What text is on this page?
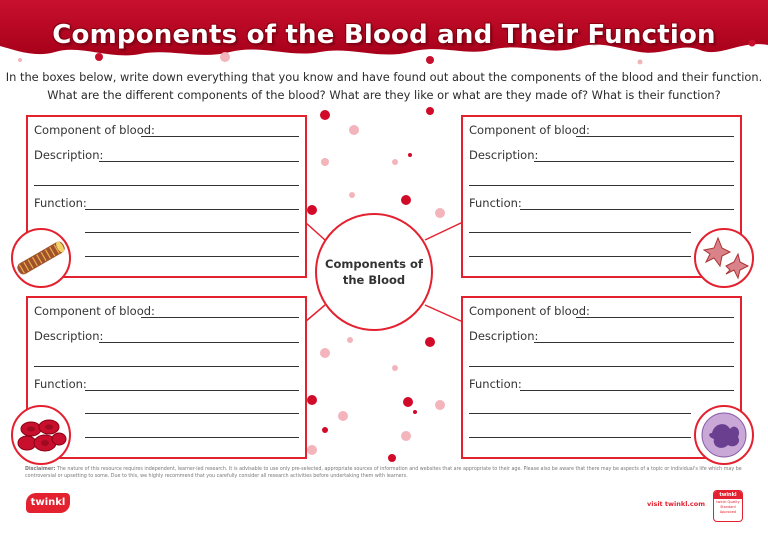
Components of the Blood and Their Function
In the boxes below, write down everything that you know and have found out about the components of the blood and their function.
What are the different components of the blood? What are they like or what are they made of? What is their function?
Components of the Blood
Component of blood:
Description:
Function:
Component of blood:
Description:
Function:
Component of blood:
Description:
Function:
Component of blood:
Description:
Function:
Disclaimer: The nature of this resource requires independent, learner-led research. It is advisable to use only pre-selected, appropriate sources of information and websites that are appropriate to their age. Please also be aware that there may be aspects of a topic or individual's life which may be controversial or upsetting to some. Due to this, we highly recommend that you carefully consider all research activities before undertaking them with learners.
twinkl	visit twinkl.com
twinkl
twinkl Quality Standard Approved
